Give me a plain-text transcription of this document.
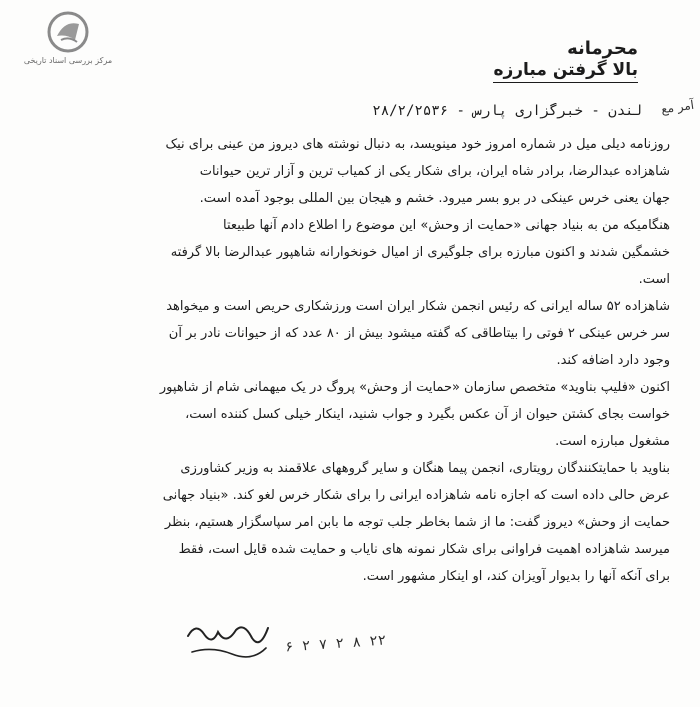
مرکز بررسی اسناد تاریخی
محرمانه
بالا گرفتن مبارزه
آمر مع
لندن - خبرگزاری پارس - ۲۸/۲/۲۵۳۶
روزنامه دیلی میل در شماره امروز خود مینویسد، به دنبال نوشته های دیروز من عینی برای نیک
شاهزاده عبدالرضا، برادر شاه ایران، برای شکار یکی از کمیاب ترین و آزار ترین حیوانات
جهان یعنی خرس عینکی در برو بسر میرود. خشم و هیجان بین المللی بوجود آمده است.
هنگامیکه من به بنیاد جهانی «حمایت از وحش» این موضوع را اطلاع دادم آنها طبیعتا
خشمگین شدند و اکنون مبارزه برای جلوگیری از امیال خونخوارانه شاهپور عبدالرضا بالا گرفته
است.
شاهزاده ۵۲ ساله ایرانی که رئیس انجمن شکار ایران است ورزشکاری حریص است و میخواهد
سر خرس عینکی ۲ فوتی را بیتاطاقی که گفته میشود بیش از ۸۰ عدد که از حیوانات نادر بر آن
وجود دارد اضافه کند.
اکنون «فلیپ بناوید» متخصص سازمان «حمایت از وحش» پروگ در یک میهمانی شام از شاهپور
خواست بجای کشتن حیوان از آن عکس بگیرد و جواب شنید، اینکار خیلی کسل کننده است،
مشغول مبارزه است.
بناوید با حمایتکنندگان رویتاری، انجمن پیما هنگان و سایر گروههای علاقمند به وزیر کشاورزی
عرض حالی داده است که اجازه نامه شاهزاده ایرانی را برای شکار خرس لغو کند. «بنیاد جهانی
حمایت از وحش» دیروز گفت: ما از شما بخاطر جلب توجه ما بابن امر سپاسگزار هستیم، بنظر
میرسد شاهزاده اهمیت فراوانی برای شکار نمونه های نایاب و حمایت شده قایل است، فقط
برای آنکه آنها را بدیوار آویزان کند، او اینکار مشهور است.
۲۲ ۸ ۲ ۷ ۲ ۶
